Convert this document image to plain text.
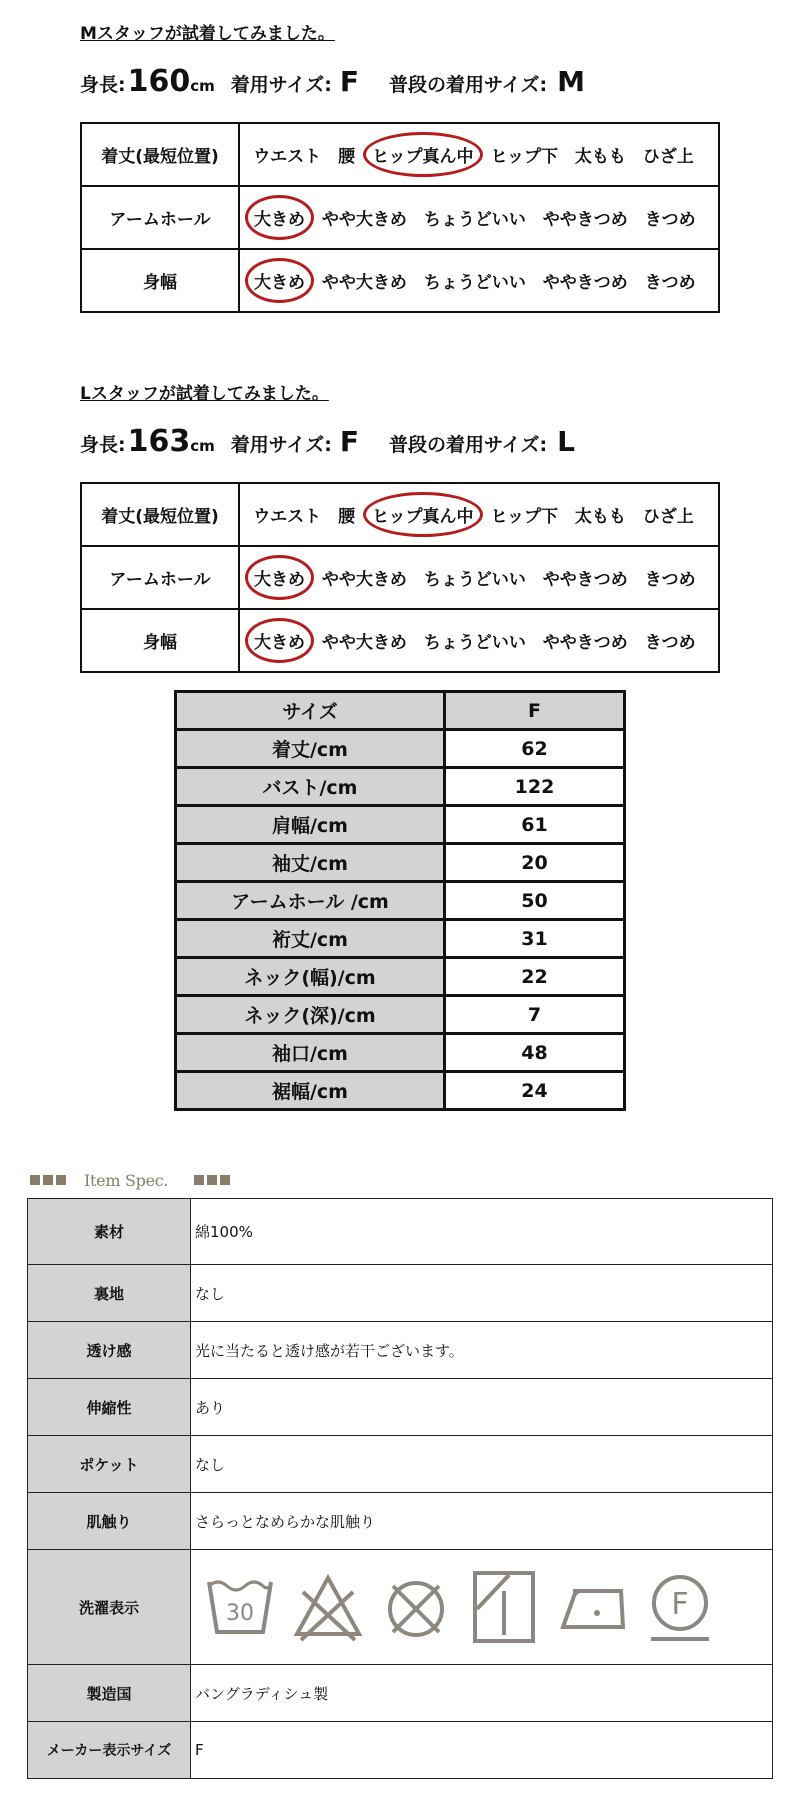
Mスタッフが試着してみました。
身長: 160 cm 着用サイズ: F 普段の着用サイズ: M
着丈(最短位置)	ウエスト 腰 ヒップ真ん中 ヒップ下 太もも ひざ上
アームホール	大きめ やや大きめ ちょうどいい ややきつめ きつめ
身幅	大きめ やや大きめ ちょうどいい ややきつめ きつめ
Lスタッフが試着してみました。
身長: 163 cm 着用サイズ: F 普段の着用サイズ: L
着丈(最短位置)	ウエスト 腰 ヒップ真ん中 ヒップ下 太もも ひざ上
アームホール	大きめ やや大きめ ちょうどいい ややきつめ きつめ
身幅	大きめ やや大きめ ちょうどいい ややきつめ きつめ
サイズ	F
着丈/cm	62
バスト/cm	122
肩幅/cm	61
袖丈/cm	20
アームホール /cm	50
裄丈/cm	31
ネック(幅)/cm	22
ネック(深)/cm	7
袖口/cm	48
裾幅/cm	24
Item Spec.
素材	綿100%
裏地	なし
透け感	光に当たると透け感が若干ございます。
伸縮性	あり
ポケット	なし
肌触り	さらっとなめらかな肌触り
洗濯表示	30 F

製造国	バングラディシュ製
メーカー表示サイズ	F
